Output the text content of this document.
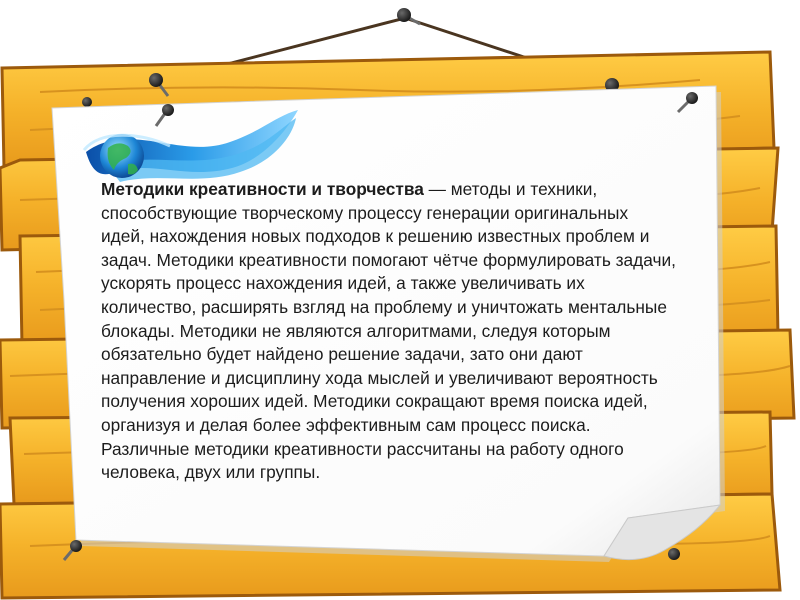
Методики креативности и творчества — методы и техники, способствующие творческому процессу генерации оригинальных идей, нахождения новых подходов к решению известных проблем и задач. Методики креативности помогают чётче формулировать задачи, ускорять процесс нахождения идей, а также увеличивать их количество, расширять взгляд на проблему и уничтожать ментальные блокады. Методики не являются алгоритмами, следуя которым обязательно будет найдено решение задачи, зато они дают направление и дисциплину хода мыслей и увеличивают вероятность получения хороших идей. Методики сокращают время поиска идей, организуя и делая более эффективным сам процесс поиска. Различные методики креативности рассчитаны на работу одного человека, двух или группы.
